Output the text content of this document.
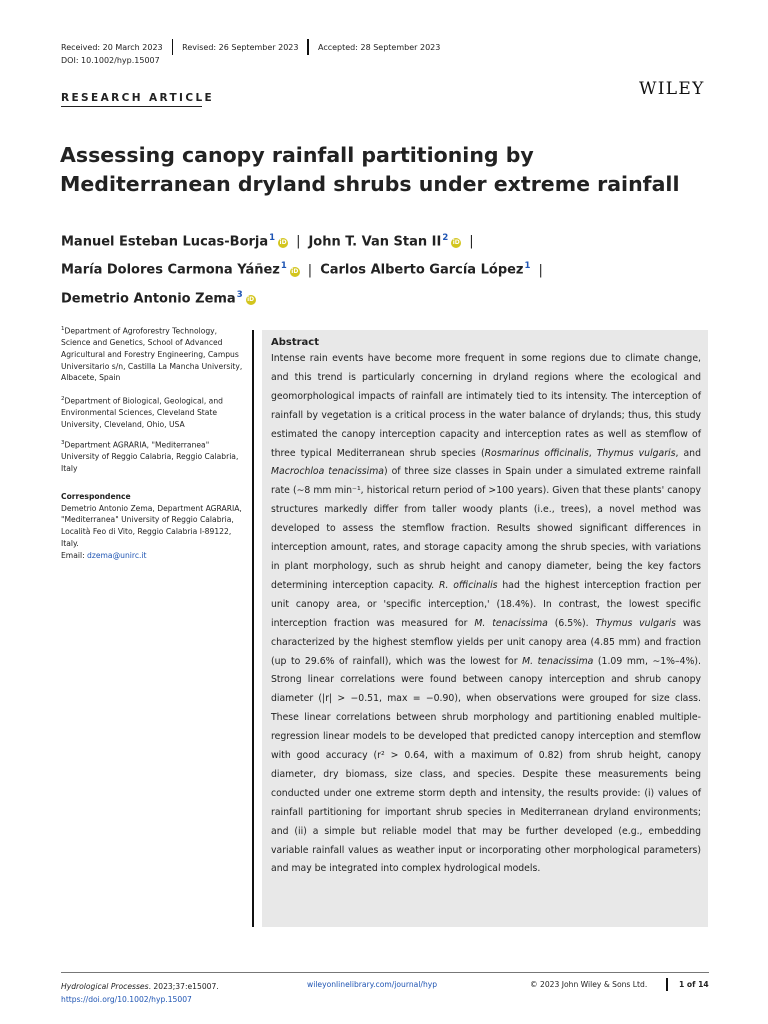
Received: 20 March 2023 Revised: 26 September 2023 Accepted: 28 September 2023
DOI: 10.1002/hyp.15007
RESEARCH ARTICLE	WILEY
Assessing canopy rainfall partitioning by Mediterranean dryland shrubs under extreme rainfall
Manuel Esteban Lucas-Borja$^1$ iD | John T. Van Stan $II^2$ iD |
María Dolores Carmona Yáñez$^1$ iD | Carlos Alberto García López$^1$ |
Demetrio Antonio Zema$^3$ iD
$^1$Department of Agroforestry Technology, Science and Genetics, School of Advanced Agricultural and Forestry Engineering, Campus Universitario s/n, Castilla La Mancha University, Albacete, Spain
$^2$Department of Biological, Geological, and Environmental Sciences, Cleveland State University, Cleveland, Ohio, USA
$^3$Department AGRARIA, "Mediterranea" University of Reggio Calabria, Reggio Calabria, Italy
Correspondence
Demetrio Antonio Zema, Department AGRARIA, "Mediterranea" University of Reggio Calabria, Località Feo di Vito, Reggio Calabria I-89122, Italy.
Email: dzema@unirc.it
Abstract

Intense rain events have become more frequent in some regions due to climate change, and this trend is particularly concerning in dryland regions where the ecological and geomorphological impacts of rainfall are intimately tied to its intensity. The interception of rainfall by vegetation is a critical process in the water balance of drylands; thus, this study estimated the canopy interception capacity and interception rates as well as stemflow of three typical Mediterranean shrub species (Rosmarinus officinalis, Thymus vulgaris, and Macrochloa tenacissima) of three size classes in Spain under a simulated extreme rainfall rate (∼8 mm min⁻¹, historical return period of >100 years). Given that these plants' canopy structures markedly differ from taller woody plants (i.e., trees), a novel method was developed to assess the stemflow fraction. Results showed significant differences in interception amount, rates, and storage capacity among the shrub species, with variations in plant morphology, such as shrub height and canopy diameter, being the key factors determining interception capacity. R. officinalis had the highest interception fraction per unit canopy area, or 'specific interception,' (18.4%). In contrast, the lowest specific interception fraction was measured for M. tenacissima (6.5%). Thymus vulgaris was characterized by the highest stemflow yields per unit canopy area (4.85 mm) and fraction (up to 29.6% of rainfall), which was the lowest for M. tenacissima (1.09 mm, ∼1%–4%). Strong linear correlations were found between canopy interception and shrub canopy diameter (|r| > −0.51, max = −0.90), when observations were grouped for size class. These linear correlations between shrub morphology and partitioning enabled multiple-regression linear models to be developed that predicted canopy interception and stemflow with good accuracy (r² > 0.64, with a maximum of 0.82) from shrub height, canopy diameter, dry biomass, size class, and species. Despite these measurements being conducted under one extreme storm depth and intensity, the results provide: (i) values of rainfall partitioning for important shrub species in Mediterranean dryland environments; and (ii) a simple but reliable model that may be further developed (e.g., embedding variable rainfall values as weather input or incorporating other morphological parameters) and may be integrated into complex hydrological models.

Hydrological Processes. 2023;37:e15007.
https://doi.org/10.1002/hyp.15007
wileyonlinelibrary.com/journal/hyp	© 2023 John Wiley & Sons Ltd.	1 of 14
